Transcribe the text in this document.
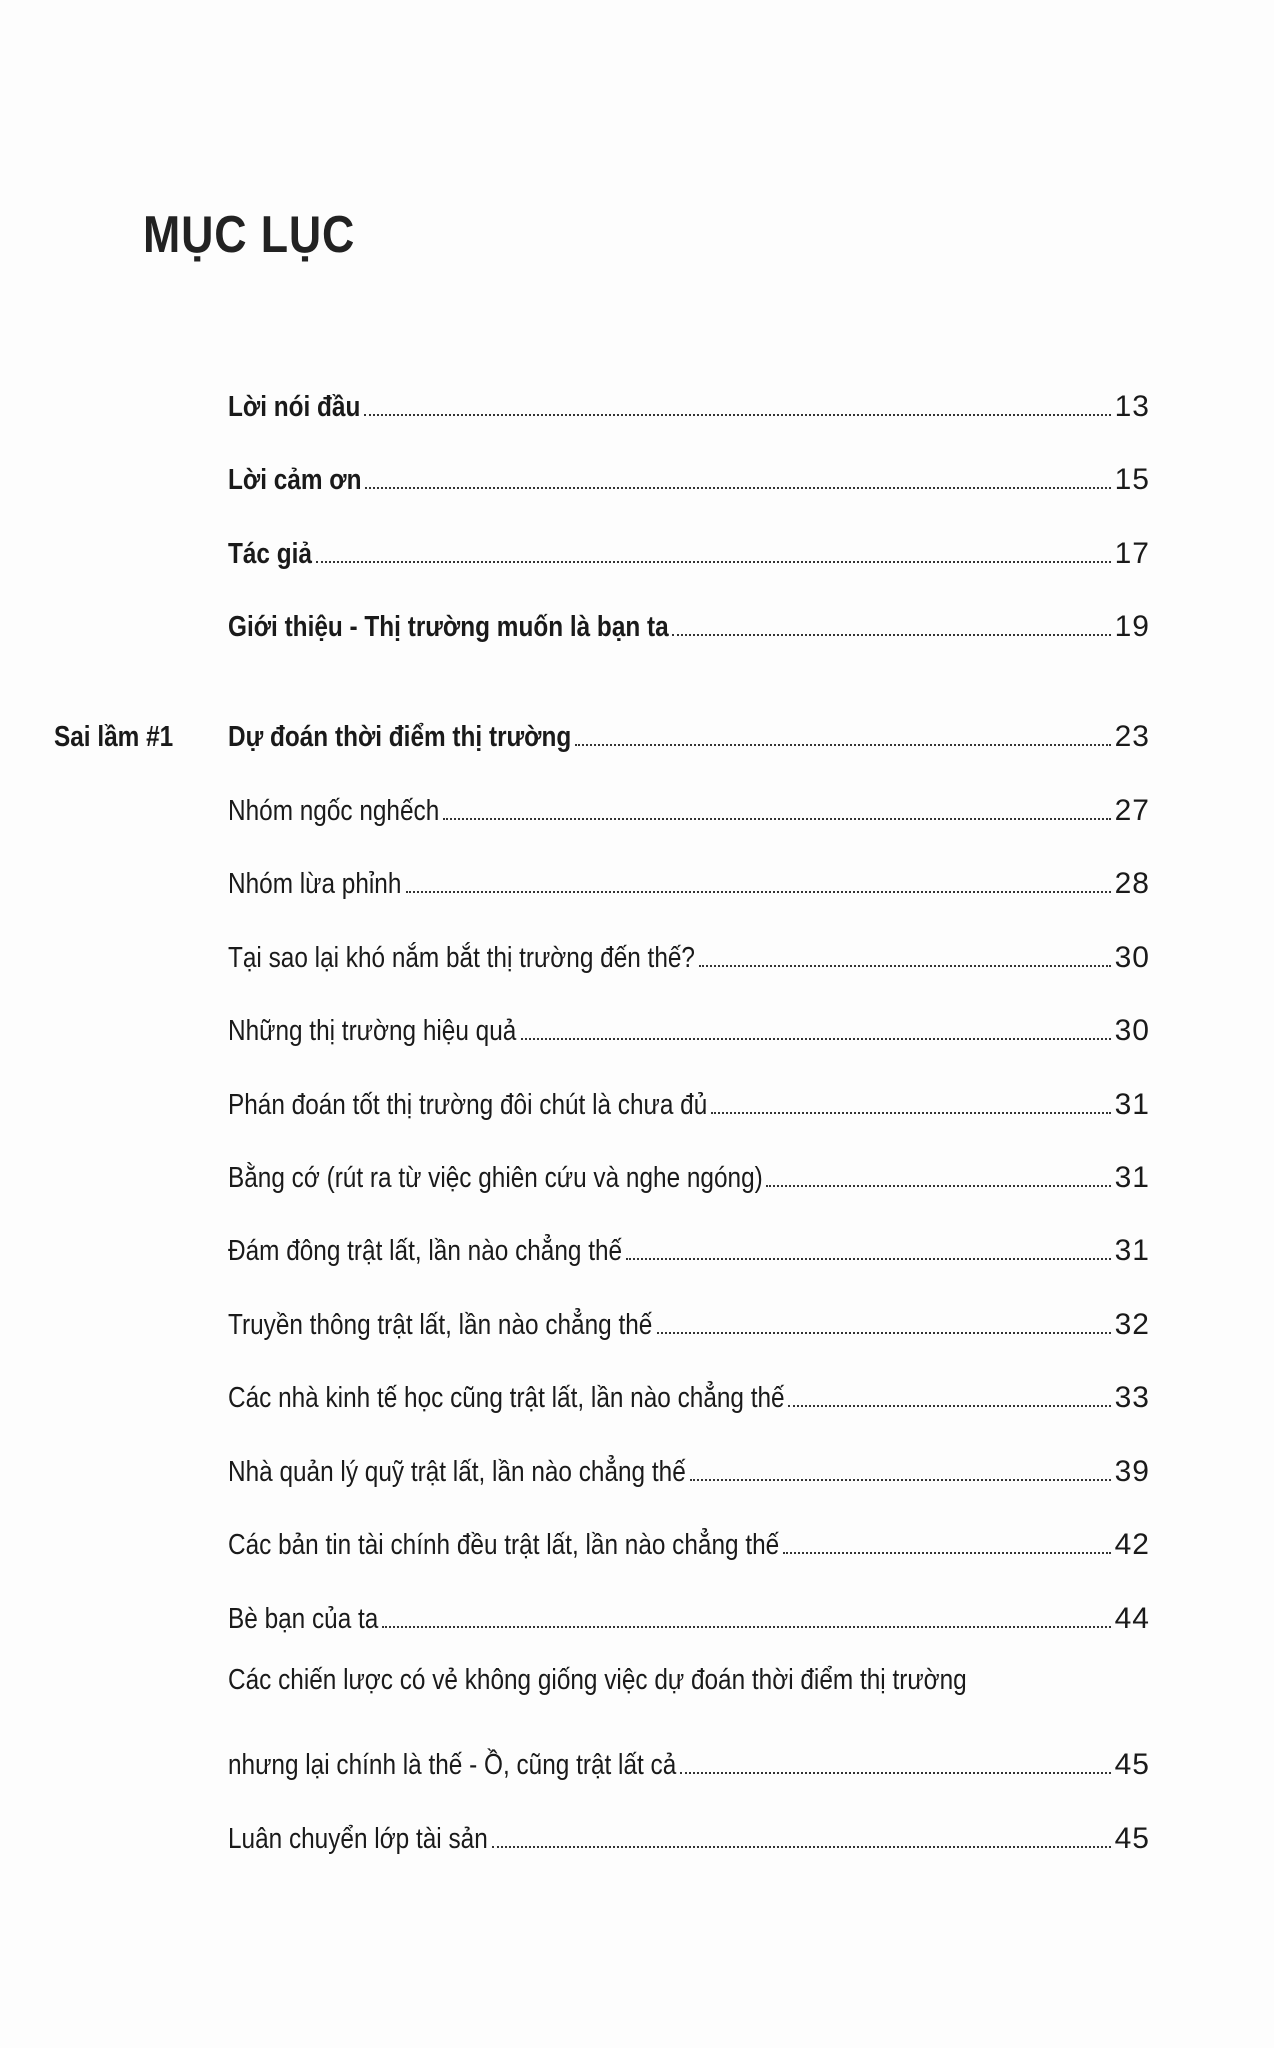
MỤC LỤC
Lời nói đầu	13
Lời cảm ơn	15
Tác giả	17
Giới thiệu - Thị trường muốn là bạn ta	19
Sai lầm #1 Dự đoán thời điểm thị trường	23
Nhóm ngốc nghếch	27
Nhóm lừa phỉnh	28
Tại sao lại khó nắm bắt thị trường đến thế?	30
Những thị trường hiệu quả	30
Phán đoán tốt thị trường đôi chút là chưa đủ	31
Bằng cớ (rút ra từ việc ghiên cứu và nghe ngóng)	31
Đám đông trật lất, lần nào chẳng thế	31
Truyền thông trật lất, lần nào chẳng thế	32
Các nhà kinh tế học cũng trật lất, lần nào chẳng thế	33
Nhà quản lý quỹ trật lất, lần nào chẳng thế	39
Các bản tin tài chính đều trật lất, lần nào chẳng thế	42
Bè bạn của ta	44
Các chiến lược có vẻ không giống việc dự đoán thời điểm thị trường
nhưng lại chính là thế - Ồ, cũng trật lất cả	45
Luân chuyển lớp tài sản	45
